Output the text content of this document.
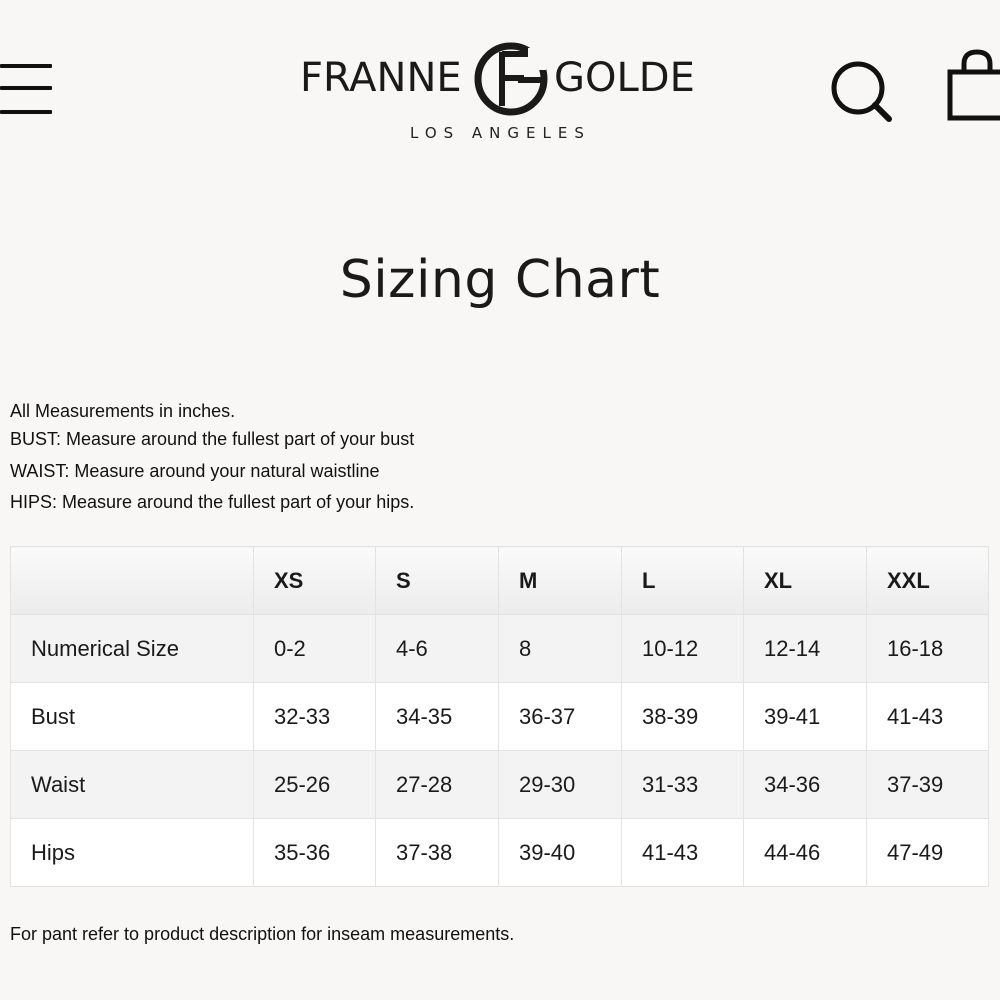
FRANNE GOLDE
LOS ANGELES
Sizing Chart
All Measurements in inches.
BUST: Measure around the fullest part of your bust
WAIST: Measure around your natural waistline
HIPS: Measure around the fullest part of your hips.
	XS	S	M	L	XL	XXL
Numerical Size	0-2	4-6	8	10-12	12-14	16-18
Bust	32-33	34-35	36-37	38-39	39-41	41-43
Waist	25-26	27-28	29-30	31-33	34-36	37-39
Hips	35-36	37-38	39-40	41-43	44-46	47-49
For pant refer to product description for inseam measurements.
